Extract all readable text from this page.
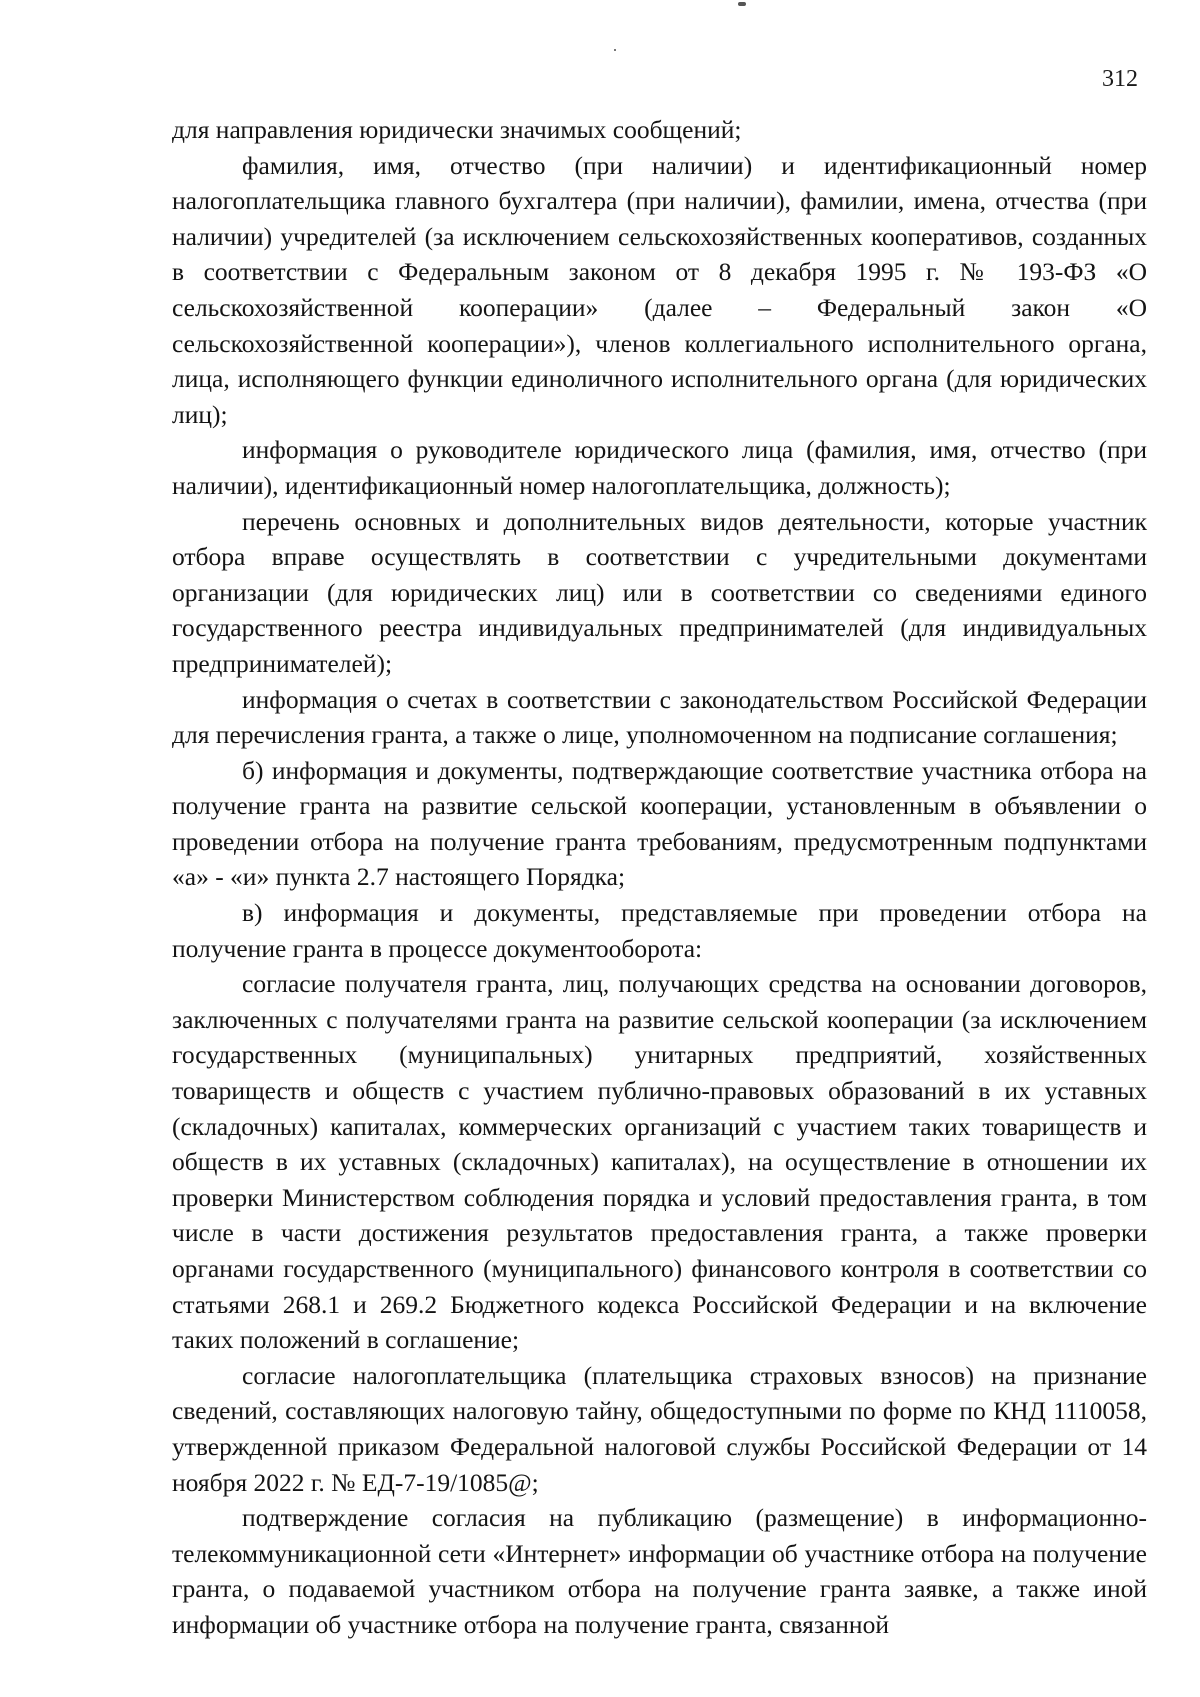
312

для направления юридически значимых сообщений;

фамилия, имя, отчество (при наличии) и идентификационный номер налогоплательщика главного бухгалтера (при наличии), фамилии, имена, отчества (при наличии) учредителей (за исключением сельскохозяйственных кооперативов, созданных в соответствии с Федеральным законом от 8 декабря 1995 г. № 193-ФЗ «О сельскохозяйственной кооперации» (далее – Федеральный закон «О сельскохозяйственной кооперации»), членов коллегиального исполнительного органа, лица, исполняющего функции единоличного исполнительного органа (для юридических лиц);

информация о руководителе юридического лица (фамилия, имя, отчество (при наличии), идентификационный номер налогоплательщика, должность);

перечень основных и дополнительных видов деятельности, которые участник отбора вправе осуществлять в соответствии с учредительными документами организации (для юридических лиц) или в соответствии со сведениями единого государственного реестра индивидуальных предпринимателей (для индивидуальных предпринимателей);

информация о счетах в соответствии с законодательством Российской Федерации для перечисления гранта, а также о лице, уполномоченном на подписание соглашения;

б) информация и документы, подтверждающие соответствие участника отбора на получение гранта на развитие сельской кооперации, установленным в объявлении о проведении отбора на получение гранта требованиям, предусмотренным подпунктами «а» - «и» пункта 2.7 настоящего Порядка;

в) информация и документы, представляемые при проведении отбора на получение гранта в процессе документооборота:

согласие получателя гранта, лиц, получающих средства на основании договоров, заключенных с получателями гранта на развитие сельской кооперации (за исключением государственных (муниципальных) унитарных предприятий, хозяйственных товариществ и обществ с участием публично-правовых образований в их уставных (складочных) капиталах, коммерческих организаций с участием таких товариществ и обществ в их уставных (складочных) капиталах), на осуществление в отношении их проверки Министерством соблюдения порядка и условий предоставления гранта, в том числе в части достижения результатов предоставления гранта, а также проверки органами государственного (муниципального) финансового контроля в соответствии со статьями 268.1 и 269.2 Бюджетного кодекса Российской Федерации и на включение таких положений в соглашение;

согласие налогоплательщика (плательщика страховых взносов) на признание сведений, составляющих налоговую тайну, общедоступными по форме по КНД 1110058, утвержденной приказом Федеральной налоговой службы Российской Федерации от 14 ноября 2022 г. № ЕД-7-19/1085@;

подтверждение согласия на публикацию (размещение) в информационно-телекоммуникационной сети «Интернет» информации об участнике отбора на получение гранта, о подаваемой участником отбора на получение гранта заявке, а также иной информации об участнике отбора на получение гранта, связанной
